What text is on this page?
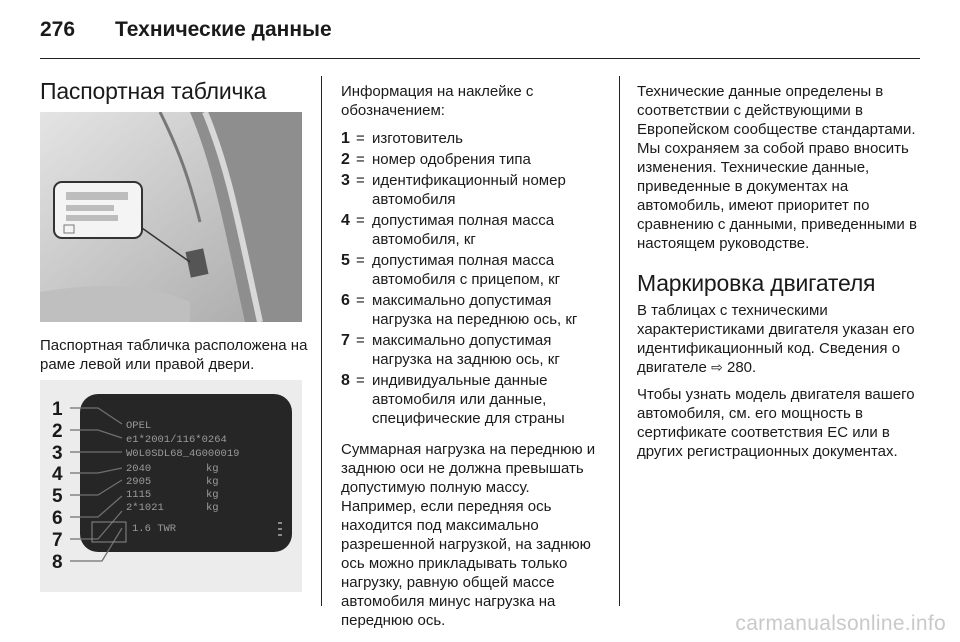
276 Технические данные
Паспортная табличка

Паспортная табличка расположена на раме левой или правой двери.

1
2
3
4
5
6
7
8
OPEL
e1*2001/116*0264
W0L0SDL68_4G000019
2040
2905
1115
2*1021
kg
kg
kg
kg
1.6 TWR

Информация на наклейке с обозначением:

1 = изготовитель
2 = номер одобрения типа
3 = идентификационный номер автомобиля
4 = допустимая полная масса автомобиля, кг
5 = допустимая полная масса автомобиля с прицепом, кг
6 = максимально допустимая нагрузка на переднюю ось, кг
7 = максимально допустимая нагрузка на заднюю ось, кг
8 = индивидуальные данные автомобиля или данные, специфические для страны

Суммарная нагрузка на переднюю и заднюю оси не должна превышать допустимую полную массу. Например, если передняя ось находится под максимально разрешенной нагрузкой, на заднюю ось можно прикладывать только нагрузку, равную общей массе автомобиля минус нагрузка на переднюю ось.

Технические данные определены в соответствии с действующими в Европейском сообществе стандартами. Мы сохраняем за собой право вносить изменения. Технические данные, приведенные в документах на автомобиль, имеют приоритет по сравнению с данными, приведенными в настоящем руководстве.

Маркировка двигателя

В таблицах с техническими характеристиками двигателя указан его идентификационный код. Сведения о двигателе ⇨ 280.

Чтобы узнать модель двигателя вашего автомобиля, см. его мощность в сертификате соответствия ЕС или в других регистрационных документах.

carmanualsonline.info
